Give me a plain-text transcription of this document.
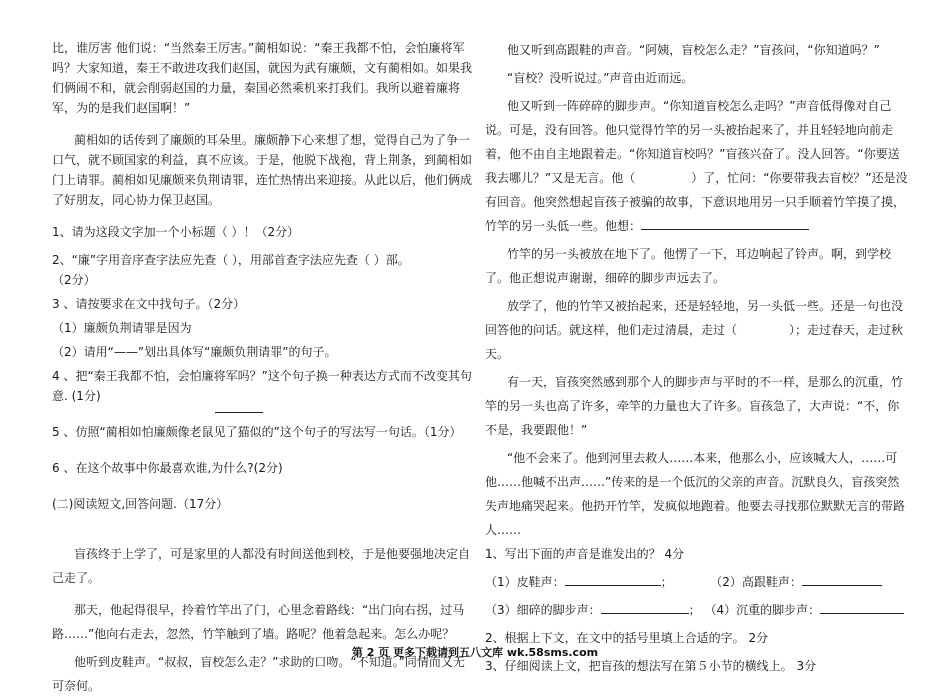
比，谁厉害 他们说：“当然秦王厉害。”蔺相如说：“秦王我都不怕，会怕廉将军吗？大家知道，秦王不敢进攻我们赵国，就因为武有廉颇，文有蔺相如。如果我们俩闹不和，就会削弱赵国的力量，秦国必然乘机来打我们。我所以避着廉将军，为的是我们赵国啊！”

蔺相如的话传到了廉颇的耳朵里。廉颇静下心来想了想，觉得自己为了争一口气，就不顾国家的利益，真不应该。于是，他脱下战袍，背上荆条，到蔺相如门上请罪。蔺相如见廉颇来负荆请罪，连忙热情出来迎接。从此以后，他们俩成了好朋友，同心协力保卫赵国。

1、请为这段文字加一个小标题（ ）！（2分）

2、“廉”字用音序查字法应先查（ ），用部首查字法应先查（ ）部。

（2分）

3 、请按要求在文中找句子。（2分）

（1）廉颇负荆请罪是因为

（2）请用“——”划出具体写“廉颇负荆请罪”的句子。

4 、把“秦王我都不怕，会怕廉将军吗？”这个句子换一种表达方式而不改变其句意. (1分)

5 、仿照“蔺相如怕廉颇像老鼠见了猫似的”这个句子的写法写一句话。（1分）

6 、在这个故事中你最喜欢谁,为什么?(2分)

(二)阅读短文,回答问题.（17分）

盲孩终于上学了，可是家里的人都没有时间送他到校，于是他要强地决定自己走了。

那天，他起得很早，拎着竹竿出了门，心里念着路线：“出门向右拐，过马路……”他向右走去，忽然，竹竿触到了墙。路呢？他着急起来。怎么办呢？

他听到皮鞋声。“叔叔，盲校怎么走？”求助的口吻。“不知道。”同情而又无可奈何。

他又听到高跟鞋的声音。“阿姨，盲校怎么走？”盲孩问，“你知道吗？”

“盲校？没听说过。”声音由近而远。

他又听到一阵碎碎的脚步声。“你知道盲校怎么走吗？”声音低得像对自己说。可是，没有回答。他只觉得竹竿的另一头被抬起来了，并且轻轻地向前走着，他不由自主地跟着走。“你知道盲校吗？”盲孩兴奋了。没人回答。“你要送我去哪儿？”又是无言。他（	）了，忙问：“你要带我去盲校？”还是没有回音。他突然想起盲孩子被骗的故事，下意识地用另一只手顺着竹竿摸了摸，竹竿的另一头低一些。他想：

竹竿的另一头被放在地下了。他愣了一下，耳边响起了铃声。啊，到学校了。他正想说声谢谢，细碎的脚步声远去了。

放学了，他的竹竿又被抬起来，还是轻轻地，另一头低一些。还是一句也没回答他的问话。就这样，他们走过清晨，走过（	）；走过春天，走过秋天。

有一天，盲孩突然感到那个人的脚步声与平时的不一样，是那么的沉重，竹竿的另一头也高了许多，牵竿的力量也大了许多。盲孩急了，大声说：“不，你不是，我要跟他！”

“他不会来了。他到河里去救人……本来，他那么小，应该喊大人，……可他……他喊不出声……”传来的是一个低沉的父亲的声音。沉默良久，盲孩突然失声地痛哭起来。他扔开竹竿，发疯似地跑着。他要去寻找那位默默无言的带路人……

1、写出下面的声音是谁发出的？ 4分

（1）皮鞋声：	；	（2）高跟鞋声：

（3）细碎的脚步声：	； （4）沉重的脚步声：

2、根据上下文，在文中的括号里填上合适的字。 2分

3、仔细阅读上文，把盲孩的想法写在第５小节的横线上。 3分

第 2 页 更多下载请到五八文库 wk.58sms.com
